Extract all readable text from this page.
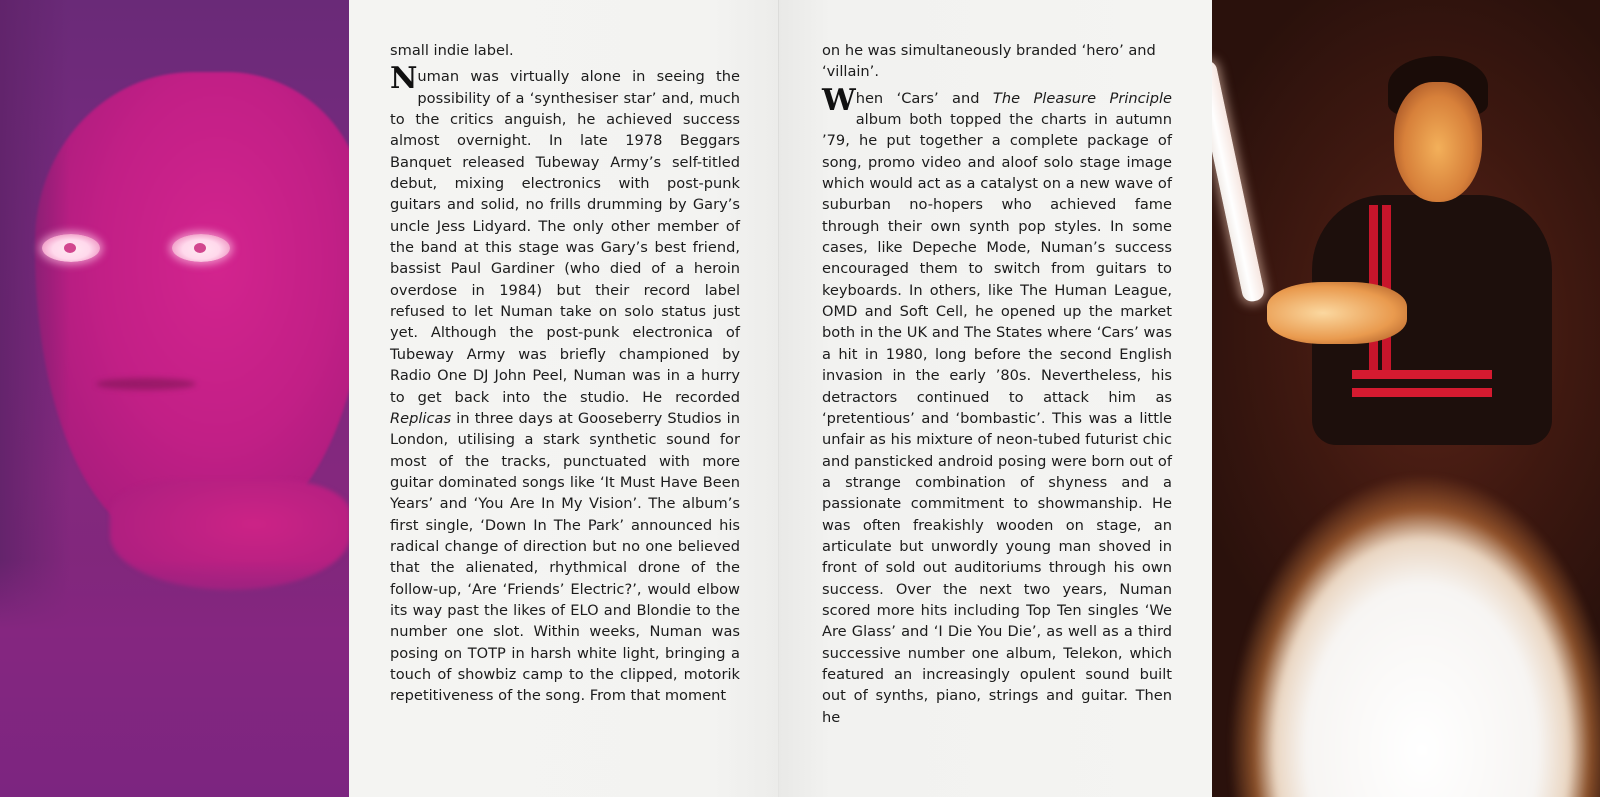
small indie label.

Numan was virtually alone in seeing the possibility of a ‘synthesiser star’ and, much to the critics anguish, he achieved success almost overnight. In late 1978 Beggars Banquet released Tubeway Army’s self-titled debut, mixing electronics with post-punk guitars and solid, no frills drumming by Gary’s uncle Jess Lidyard. The only other member of the band at this stage was Gary’s best friend, bassist Paul Gardiner (who died of a heroin overdose in 1984) but their record label refused to let Numan take on solo status just yet. Although the post-punk electronica of Tubeway Army was briefly championed by Radio One DJ John Peel, Numan was in a hurry to get back into the studio. He recorded Replicas in three days at Gooseberry Studios in London, utilising a stark synthetic sound for most of the tracks, punctuated with more guitar dominated songs like ‘It Must Have Been Years’ and ‘You Are In My Vision’. The album’s first single, ‘Down In The Park’ announced his radical change of direction but no one believed that the alienated, rhythmical drone of the follow-up, ‘Are ‘Friends’ Electric?’, would elbow its way past the likes of ELO and Blondie to the number one slot. Within weeks, Numan was posing on TOTP in harsh white light, bringing a touch of showbiz camp to the clipped, motorik repetitiveness of the song. From that moment

on he was simultaneously branded ‘hero’ and ‘villain’.

When ‘Cars’ and The Pleasure Principle album both topped the charts in autumn ’79, he put together a complete package of song, promo video and aloof solo stage image which would act as a catalyst on a new wave of suburban no-hopers who achieved fame through their own synth pop styles. In some cases, like Depeche Mode, Numan’s success encouraged them to switch from guitars to keyboards. In others, like The Human League, OMD and Soft Cell, he opened up the market both in the UK and The States where ‘Cars’ was a hit in 1980, long before the second English invasion in the early ’80s. Nevertheless, his detractors continued to attack him as ‘pretentious’ and ‘bombastic’. This was a little unfair as his mixture of neon-tubed futurist chic and pansticked android posing were born out of a strange combination of shyness and a passionate commitment to showmanship. He was often freakishly wooden on stage, an articulate but unwordly young man shoved in front of sold out auditoriums through his own success. Over the next two years, Numan scored more hits including Top Ten singles ‘We Are Glass’ and ‘I Die You Die’, as well as a third successive number one album, Telekon, which featured an increasingly opulent sound built out of synths, piano, strings and guitar. Then he
